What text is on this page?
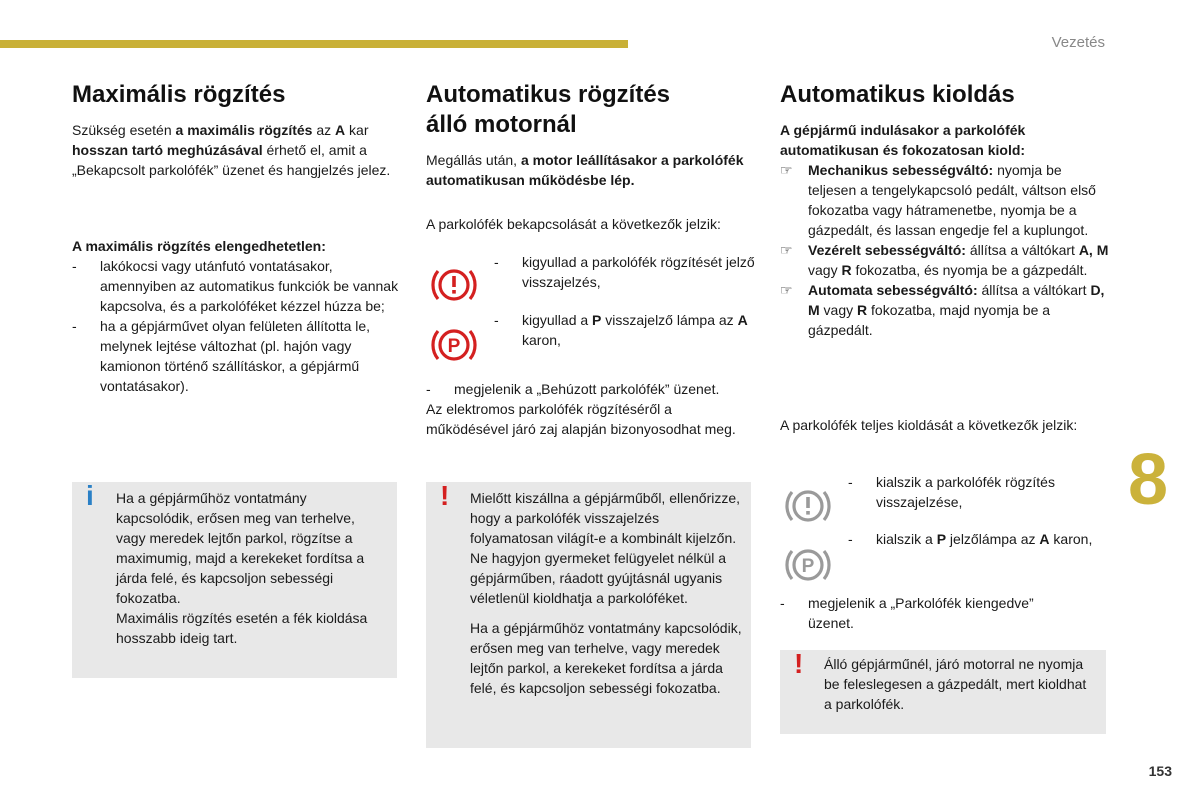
Vezetés
Maximális rögzítés

Szükség esetén a maximális rögzítés az A kar hosszan tartó meghúzásával érhető el, amit a „Bekapcsolt parkolófék” üzenet és hangjelzés jelez.

A maximális rögzítés elengedhetetlen:

- lakókocsi vagy utánfutó vontatásakor, amennyiben az automatikus funkciók be vannak kapcsolva, és a parkolóféket kézzel húzza be;
- ha a gépjárművet olyan felületen állította le, melynek lejtése változhat (pl. hajón vagy kamionon történő szállításkor, a gépjármű vontatásakor).
i Ha a gépjárműhöz vontatmány kapcsolódik, erősen meg van terhelve, vagy meredek lejtőn parkol, rögzítse a maximumig, majd a kerekeket fordítsa a járda felé, és kapcsoljon sebességi fokozatba.

Maximális rögzítés esetén a fék kioldása hosszabb ideig tart.

Automatikus rögzítés
álló motornál

Megállás után, a motor leállításakor a parkolófék automatikusan működésbe lép.

A parkolófék bekapcsolását a következők jelzik:
-	kigyullad a parkolófék rögzítését jelző visszajelzés,
P
-	kigyullad a P visszajelző lámpa az A karon,
- megjelenik a „Behúzott parkolófék” üzenet.

Az elektromos parkolófék rögzítéséről a működésével járó zaj alapján bizonyosodhat meg.

! Mielőtt kiszállna a gépjárműből, ellenőrizze, hogy a parkolófék visszajelzés folyamatosan világít-e a kombinált kijelzőn.

Ne hagyjon gyermeket felügyelet nélkül a gépjárműben, ráadott gyújtásnál ugyanis véletlenül kioldhatja a parkolóféket.

Ha a gépjárműhöz vontatmány kapcsolódik, erősen meg van terhelve, vagy meredek lejtőn parkol, a kerekeket fordítsa a járda felé, és kapcsoljon sebességi fokozatba.

Automatikus kioldás

A gépjármű indulásakor a parkolófék automatikusan és fokozatosan kiold:

☞ Mechanikus sebességváltó: nyomja be teljesen a tengelykapcsoló pedált, váltson első fokozatba vagy hátramenetbe, nyomja be a gázpedált, és lassan engedje fel a kuplungot.
☞ Vezérelt sebességváltó: állítsa a váltókart A, M vagy R fokozatba, és nyomja be a gázpedált.
☞ Automata sebességváltó: állítsa a váltókart D, M vagy R fokozatba, majd nyomja be a gázpedált.
A parkolófék teljes kioldását a következők jelzik:
-	kialszik a parkolófék rögzítés visszajelzése,
P
-	kialszik a P jelzőlámpa az A karon,
- megjelenik a „Parkolófék kiengedve” üzenet.
! Álló gépjárműnél, járó motorral ne nyomja be feleslegesen a gázpedált, mert kioldhat a parkolófék.

8
153
